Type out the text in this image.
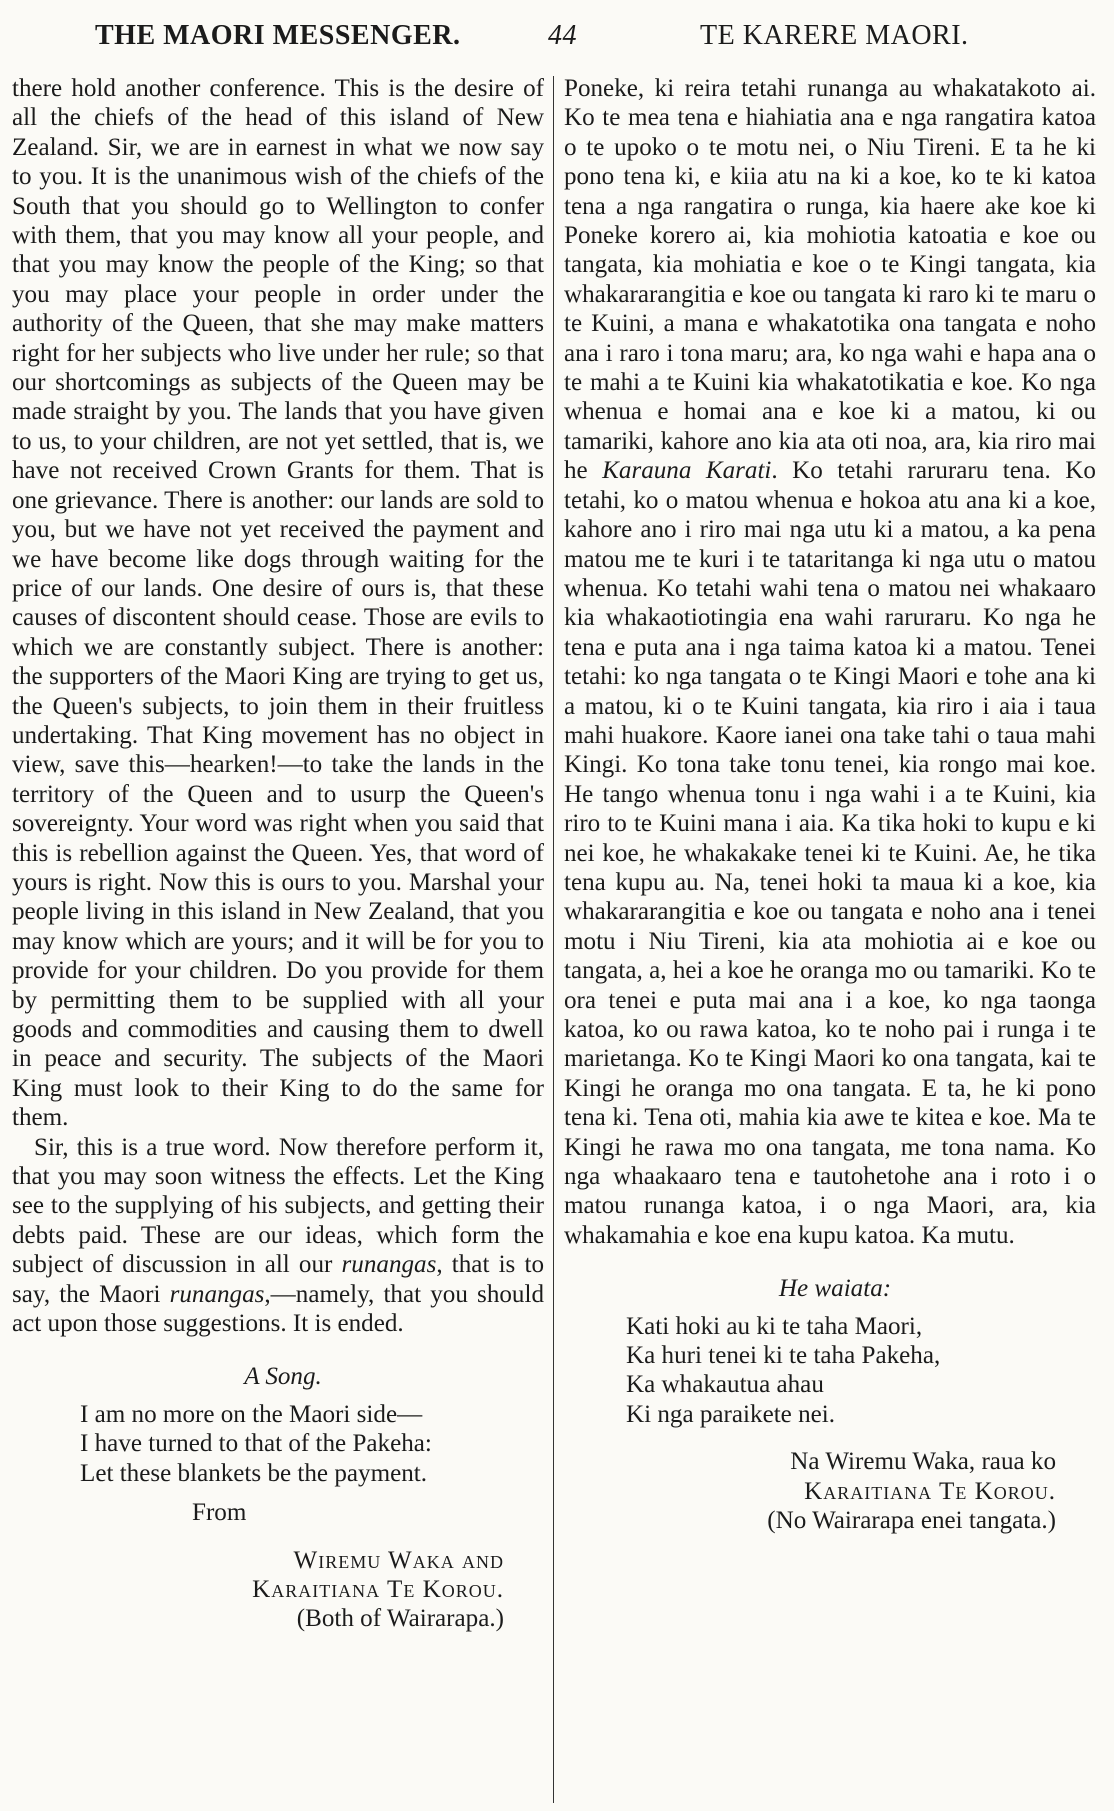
THE MAORI MESSENGER.	44	TE KARERE MAORI.

there hold another conference. This is the desire of all the chiefs of the head of this island of New Zealand. Sir, we are in earnest in what we now say to you. It is the unanimous wish of the chiefs of the South that you should go to Wellington to confer with them, that you may know all your people, and that you may know the people of the King; so that you may place your people in order under the authority of the Queen, that she may make matters right for her subjects who live under her rule; so that our shortcomings as subjects of the Queen may be made straight by you. The lands that you have given to us, to your children, are not yet settled, that is, we have not received Crown Grants for them. That is one grievance. There is another: our lands are sold to you, but we have not yet received the payment and we have become like dogs through waiting for the price of our lands. One desire of ours is, that these causes of discontent should cease. Those are evils to which we are constantly subject. There is another: the supporters of the Maori King are trying to get us, the Queen's subjects, to join them in their fruitless undertaking. That King movement has no object in view, save this—hearken!—to take the lands in the territory of the Queen and to usurp the Queen's sovereignty. Your word was right when you said that this is rebellion against the Queen. Yes, that word of yours is right. Now this is ours to you. Marshal your people living in this island in New Zealand, that you may know which are yours; and it will be for you to provide for your children. Do you provide for them by permitting them to be supplied with all your goods and commodities and causing them to dwell in peace and security. The subjects of the Maori King must look to their King to do the same for them.

Sir, this is a true word. Now therefore perform it, that you may soon witness the effects. Let the King see to the supplying of his subjects, and getting their debts paid. These are our ideas, which form the subject of discussion in all our runangas, that is to say, the Maori runangas,—namely, that you should act upon those suggestions. It is ended.

A Song.
I am no more on the Maori side—
I have turned to that of the Pakeha:
Let these blankets be the payment.
From
Wiremu Waka and
Karaitiana Te Korou.
(Both of Wairarapa.)

Poneke, ki reira tetahi runanga au whakatakoto ai. Ko te mea tena e hiahiatia ana e nga rangatira katoa o te upoko o te motu nei, o Niu Tireni. E ta he ki pono tena ki, e kiia atu na ki a koe, ko te ki katoa tena a nga rangatira o runga, kia haere ake koe ki Poneke korero ai, kia mohiotia katoatia e koe ou tangata, kia mohiatia e koe o te Kingi tangata, kia whakararangitia e koe ou tangata ki raro ki te maru o te Kuini, a mana e whakatotika ona tangata e noho ana i raro i tona maru; ara, ko nga wahi e hapa ana o te mahi a te Kuini kia whakatotikatia e koe. Ko nga whenua e homai ana e koe ki a matou, ki ou tamariki, kahore ano kia ata oti noa, ara, kia riro mai he Karauna Karati. Ko tetahi raruraru tena. Ko tetahi, ko o matou whenua e hokoa atu ana ki a koe, kahore ano i riro mai nga utu ki a matou, a ka pena matou me te kuri i te tataritanga ki nga utu o matou whenua. Ko tetahi wahi tena o matou nei whakaaro kia whakaotiotingia ena wahi raruraru. Ko nga he tena e puta ana i nga taima katoa ki a matou. Tenei tetahi: ko nga tangata o te Kingi Maori e tohe ana ki a matou, ki o te Kuini tangata, kia riro i aia i taua mahi huakore. Kaore ianei ona take tahi o taua mahi Kingi. Ko tona take tonu tenei, kia rongo mai koe. He tango whenua tonu i nga wahi i a te Kuini, kia riro to te Kuini mana i aia. Ka tika hoki to kupu e ki nei koe, he whakakake tenei ki te Kuini. Ae, he tika tena kupu au. Na, tenei hoki ta maua ki a koe, kia whakararangitia e koe ou tangata e noho ana i tenei motu i Niu Tireni, kia ata mohiotia ai e koe ou tangata, a, hei a koe he oranga mo ou tamariki. Ko te ora tenei e puta mai ana i a koe, ko nga taonga katoa, ko ou rawa katoa, ko te noho pai i runga i te marietanga. Ko te Kingi Maori ko ona tangata, kai te Kingi he oranga mo ona tangata. E ta, he ki pono tena ki. Tena oti, mahia kia awe te kitea e koe. Ma te Kingi he rawa mo ona tangata, me tona nama. Ko nga whaakaaro tena e tautohetohe ana i roto i o matou runanga katoa, i o nga Maori, ara, kia whakamahia e koe ena kupu katoa. Ka mutu.

He waiata:
Kati hoki au ki te taha Maori,
Ka huri tenei ki te taha Pakeha,
Ka whakautua ahau
Ki nga paraikete nei.
Na Wiremu Waka, raua ko
Karaitiana Te Korou.
(No Wairarapa enei tangata.)
